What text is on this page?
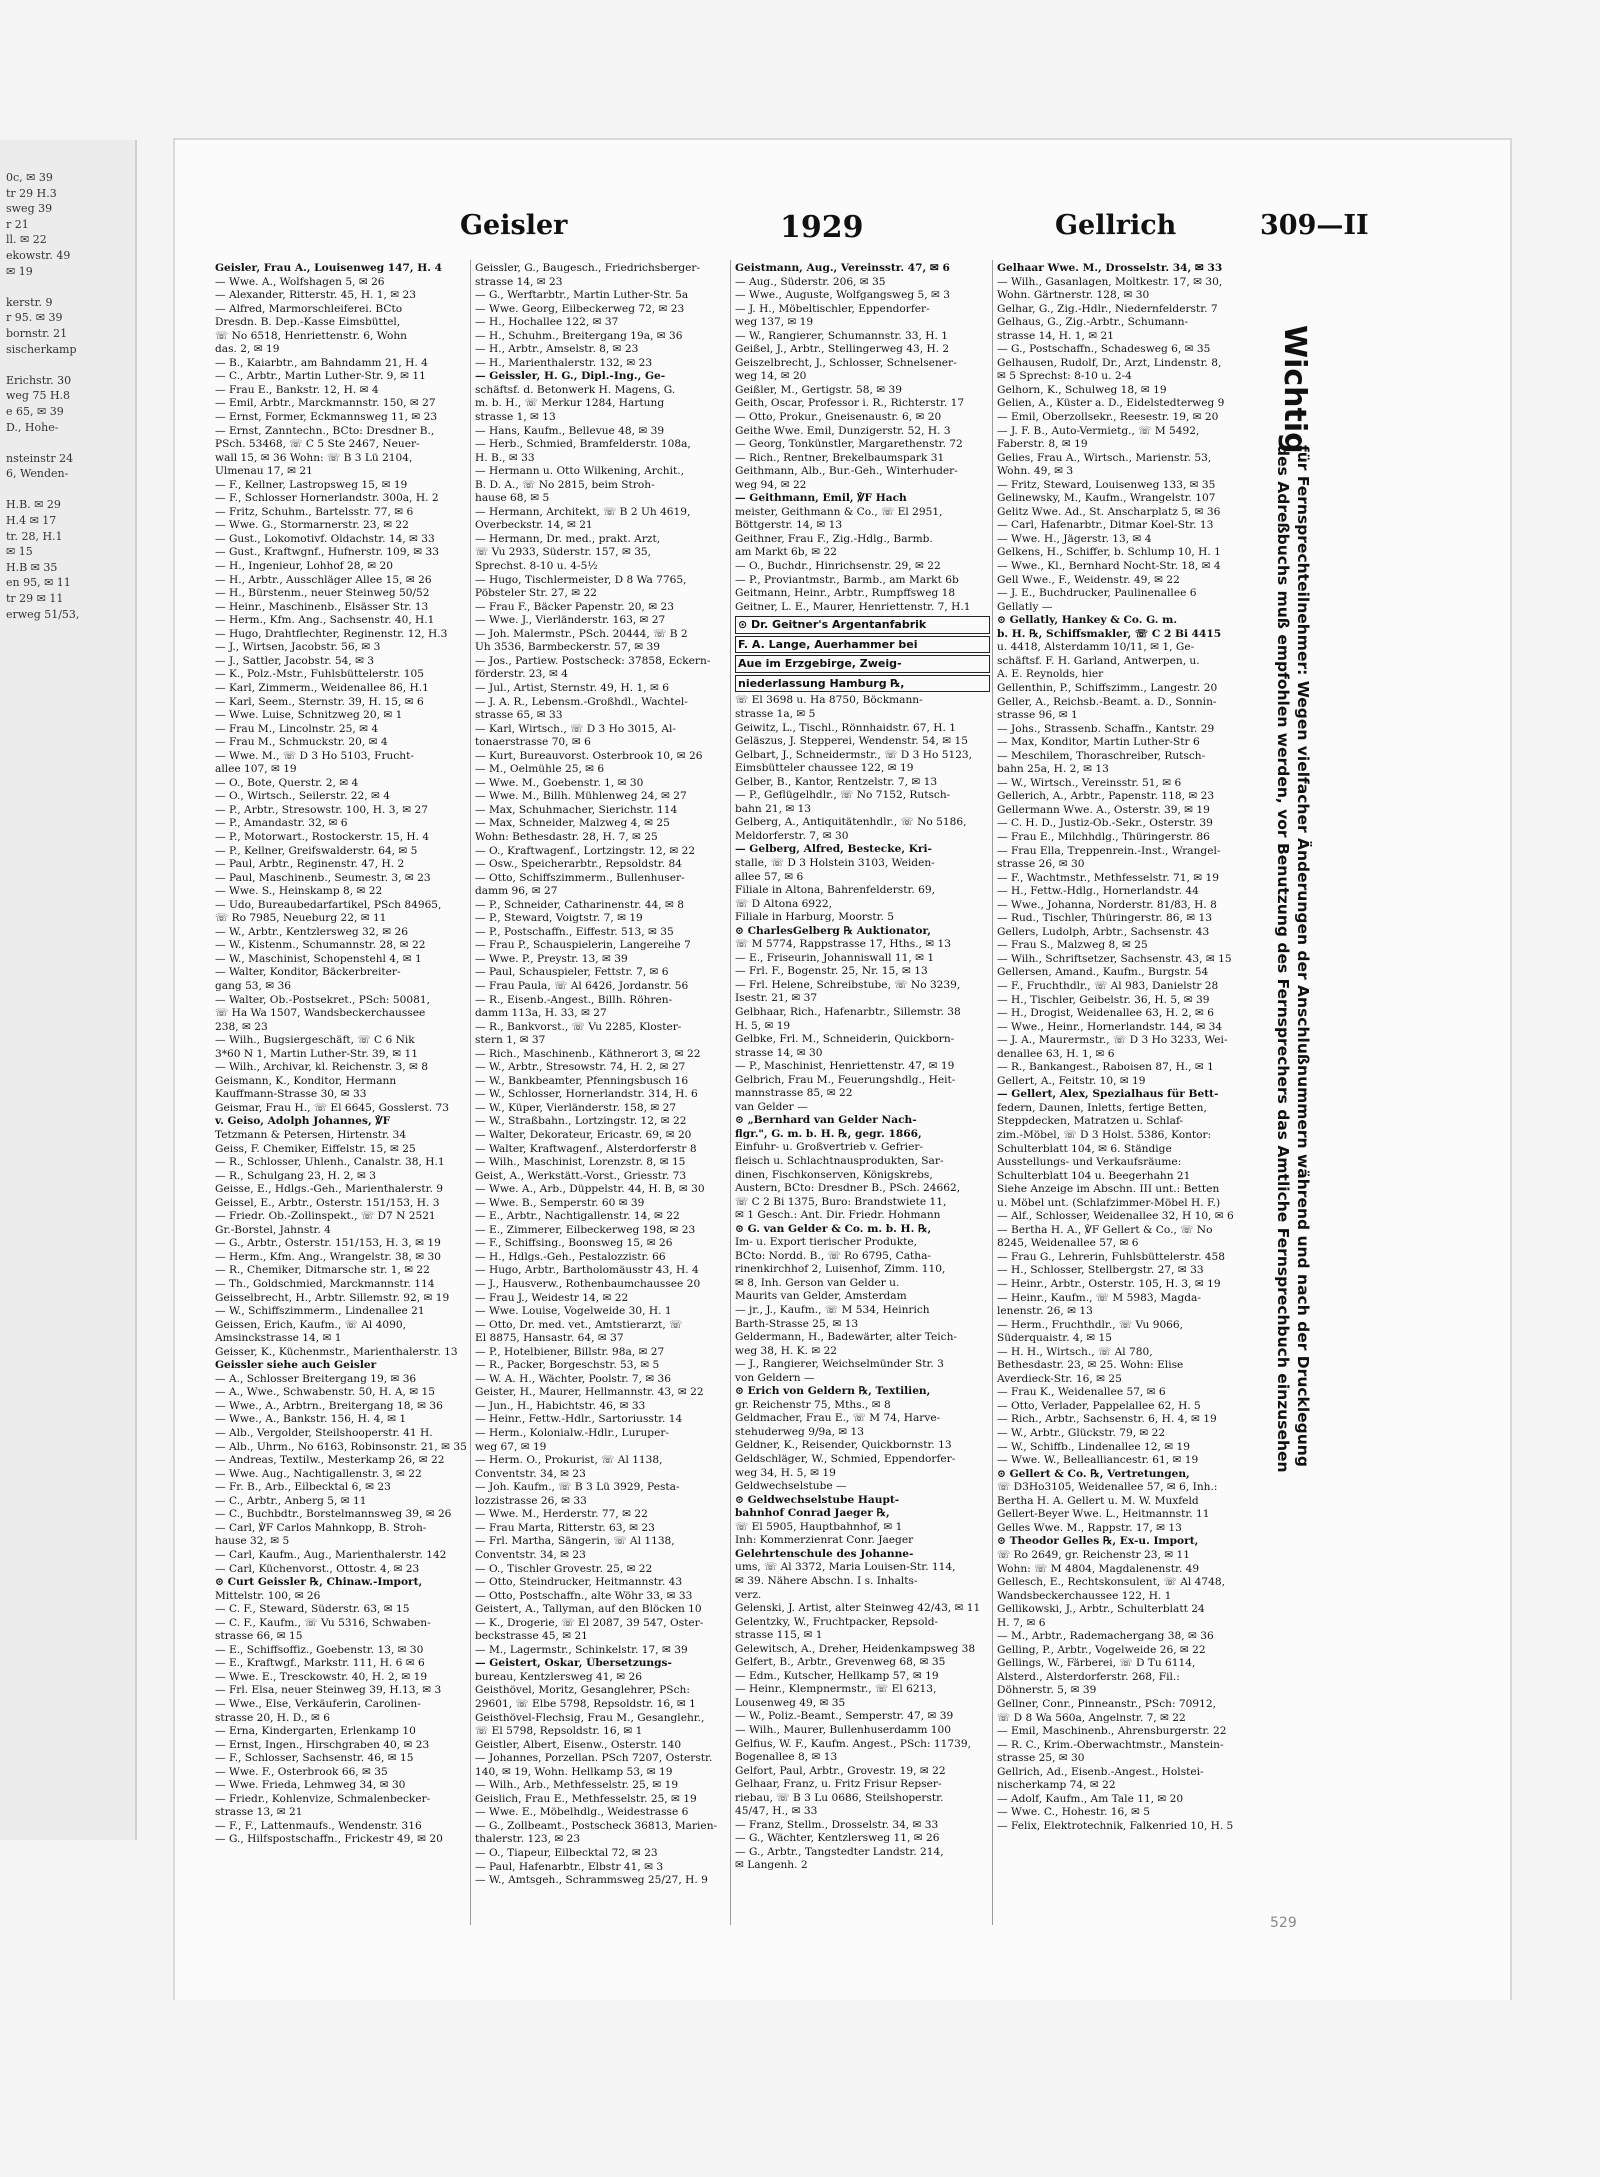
0c, ✉ 39
tr 29 H.3
sweg 39
r 21
ll. ✉ 22
ekowstr. 49
✉ 19

kerstr. 9
r 95. ✉ 39
bornstr. 21
sischerkamp

Erichstr. 30
weg 75 H.8
e 65, ✉ 39
D., Hohe-

nsteinstr 24
6, Wenden-

H.B. ✉ 29
H.4 ✉ 17
tr. 28, H.1
✉ 15
H.B ✉ 35
en 95, ✉ 11
tr 29 ✉ 11
erweg 51/53,
Geisler	1929	Gellrich	309—II
Geisler, Frau A., Louisenweg 147, H. 4
— Wwe. A., Wolfshagen 5, ✉ 26
— Alexander, Ritterstr. 45, H. 1, ✉ 23
— Alfred, Marmorschleiferei. BCto
Dresdn. B. Dep.-Kasse Eimsbüttel,
☏ No 6518, Henriettenstr. 6, Wohn
das. 2, ✉ 19
— B., Kaiarbtr., am Bahndamm 21, H. 4
— C., Arbtr., Martin Luther-Str. 9, ✉ 11
— Frau E., Bankstr. 12, H. ✉ 4
— Emil, Arbtr., Marckmannstr. 150, ✉ 27
— Ernst, Former, Eckmannsweg 11, ✉ 23
— Ernst, Zanntechn., BCto: Dresdner B.,
PSch. 53468, ☏ C 5 Ste 2467, Neuer-
wall 15, ✉ 36 Wohn: ☏ B 3 Lü 2104,
Ulmenau 17, ✉ 21
— F., Kellner, Lastropsweg 15, ✉ 19
— F., Schlosser Hornerlandstr. 300a, H. 2
— Fritz, Schuhm., Bartelsstr. 77, ✉ 6
— Wwe. G., Stormarnerstr. 23, ✉ 22
— Gust., Lokomotivf. Oldachstr. 14, ✉ 33
— Gust., Kraftwgnf., Hufnerstr. 109, ✉ 33
— H., Ingenieur, Lohhof 28, ✉ 20
— H., Arbtr., Ausschläger Allee 15, ✉ 26
— H., Bürstenm., neuer Steinweg 50/52
— Heinr., Maschinenb., Elsässer Str. 13
— Herm., Kfm. Ang., Sachsenstr. 40, H.1
— Hugo, Drahtflechter, Reginenstr. 12, H.3
— J., Wirtsen, Jacobstr. 56, ✉ 3
— J., Sattler, Jacobstr. 54, ✉ 3
— K., Polz.-Mstr., Fuhlsbüttelerstr. 105
— Karl, Zimmerm., Weidenallee 86, H.1
— Karl, Seem., Sternstr. 39, H. 15, ✉ 6
— Wwe. Luise, Schnitzweg 20, ✉ 1
— Frau M., Lincolnstr. 25, ✉ 4
— Frau M., Schmuckstr. 20, ✉ 4
— Wwe. M., ☏ D 3 Ho 5103, Frucht-
allee 107, ✉ 19
— O., Bote, Querstr. 2, ✉ 4
— O., Wirtsch., Seilerstr. 22, ✉ 4
— P., Arbtr., Stresowstr. 100, H. 3, ✉ 27
— P., Amandastr. 32, ✉ 6
— P., Motorwart., Rostockerstr. 15, H. 4
— P., Kellner, Greifswalderstr. 64, ✉ 5
— Paul, Arbtr., Reginenstr. 47, H. 2
— Paul, Maschinenb., Seumestr. 3, ✉ 23
— Wwe. S., Heinskamp 8, ✉ 22
— Udo, Bureaubedarfartikel, PSch 84965,
☏ Ro 7985, Neueburg 22, ✉ 11
— W., Arbtr., Kentzlersweg 32, ✉ 26
— W., Kistenm., Schumannstr. 28, ✉ 22
— W., Maschinist, Schopenstehl 4, ✉ 1
— Walter, Konditor, Bäckerbreiter-
gang 53, ✉ 36
— Walter, Ob.-Postsekret., PSch: 50081,
☏ Ha Wa 1507, Wandsbeckerchaussee
238, ✉ 23
— Wilh., Bugsiergeschäft, ☏ C 6 Nik
3*60 N 1, Martin Luther-Str. 39, ✉ 11
— Wilh., Archivar, kl. Reichenstr. 3, ✉ 8
Geismann, K., Konditor, Hermann
Kauffmann-Strasse 30, ✉ 33
Geismar, Frau H., ☏ El 6645, Gosslerst. 73
v. Geiso, Adolph Johannes, ℣F
Tetzmann & Petersen, Hirtenstr. 34
Geiss, F. Chemiker, Eiffelstr. 15, ✉ 25
— R., Schlosser, Uhlenh., Canalstr. 38, H.1
— R., Schulgang 23, H. 2, ✉ 3
Geisse, E., Hdlgs.-Geh., Marienthalerstr. 9
Geissel, E., Arbtr., Osterstr. 151/153, H. 3
— Friedr. Ob.-Zollinspekt., ☏ D7 N 2521
Gr.-Borstel, Jahnstr. 4
— G., Arbtr., Osterstr. 151/153, H. 3, ✉ 19
— Herm., Kfm. Ang., Wrangelstr. 38, ✉ 30
— R., Chemiker, Ditmarsche str. 1, ✉ 22
— Th., Goldschmied, Marckmannstr. 114
Geisselbrecht, H., Arbtr. Sillemstr. 92, ✉ 19
— W., Schiffszimmerm., Lindenallee 21
Geissen, Erich, Kaufm., ☏ Al 4090,
Amsinckstrasse 14, ✉ 1
Geisser, K., Küchenmstr., Marienthalerstr. 13
Geissler siehe auch Geisler
— A., Schlosser Breitergang 19, ✉ 36
— A., Wwe., Schwabenstr. 50, H. A, ✉ 15
— Wwe., A., Arbtrn., Breitergang 18, ✉ 36
— Wwe., A., Bankstr. 156, H. 4, ✉ 1
— Alb., Vergolder, Steilshooperstr. 41 H.
— Alb., Uhrm., No 6163, Robinsonstr. 21, ✉ 35
— Andreas, Textilw., Mesterkamp 26, ✉ 22
— Wwe. Aug., Nachtigallenstr. 3, ✉ 22
— Fr. B., Arb., Eilbecktal 6, ✉ 23
— C., Arbtr., Anberg 5, ✉ 11
— C., Buchbdtr., Borstelmannsweg 39, ✉ 26
— Carl, ℣F Carlos Mahnkopp, B. Stroh-
hause 32, ✉ 5
— Carl, Kaufm., Aug., Marienthalerstr. 142
— Carl, Küchenvorst., Ottostr. 4, ✉ 23
⊙ Curt Geissler ℞, Chinaw.-Import,
Mittelstr. 100, ✉ 26
— C. F., Steward, Süderstr. 63, ✉ 15
— C. F., Kaufm., ☏ Vu 5316, Schwaben-
strasse 66, ✉ 15
— E., Schiffsoffiz., Goebenstr. 13, ✉ 30
— E., Kraftwgf., Markstr. 111, H. 6 ✉ 6
— Wwe. E., Tresckowstr. 40, H. 2, ✉ 19
— Frl. Elsa, neuer Steinweg 39, H.13, ✉ 3
— Wwe., Else, Verkäuferin, Carolinen-
strasse 20, H. D., ✉ 6
— Erna, Kindergarten, Erlenkamp 10
— Ernst, Ingen., Hirschgraben 40, ✉ 23
— F., Schlosser, Sachsenstr. 46, ✉ 15
— Wwe. F., Osterbrook 66, ✉ 35
— Wwe. Frieda, Lehmweg 34, ✉ 30
— Friedr., Kohlenvize, Schmalenbecker-
strasse 13, ✉ 21
— F., F., Lattenmaufs., Wendenstr. 316
— G., Hilfspostschaffn., Frickestr 49, ✉ 20
Geissler, G., Baugesch., Friedrichsberger-
strasse 14, ✉ 23
— G., Werftarbtr., Martin Luther-Str. 5a
— Wwe. Georg, Eilbeckerweg 72, ✉ 23
— H., Hochallee 122, ✉ 37
— H., Schuhm., Breitergang 19a, ✉ 36
— H., Arbtr., Amselstr. 8, ✉ 23
— H., Marienthalerstr. 132, ✉ 23
— Geissler, H. G., Dipl.-Ing., Ge-
schäftsf. d. Betonwerk H. Magens, G.
m. b. H., ☏ Merkur 1284, Hartung
strasse 1, ✉ 13
— Hans, Kaufm., Bellevue 48, ✉ 39
— Herb., Schmied, Bramfelderstr. 108a,
H. B., ✉ 33
— Hermann u. Otto Wilkening, Archit.,
B. D. A., ☏ No 2815, beim Stroh-
hause 68, ✉ 5
— Hermann, Architekt, ☏ B 2 Uh 4619,
Overbeckstr. 14, ✉ 21
— Hermann, Dr. med., prakt. Arzt,
☏ Vu 2933, Süderstr. 157, ✉ 35,
Sprechst. 8-10 u. 4-5½
— Hugo, Tischlermeister, D 8 Wa 7765,
Pöbsteler Str. 27, ✉ 22
— Frau F., Bäcker Papenstr. 20, ✉ 23
— Wwe. J., Vierländerstr. 163, ✉ 27
— Joh. Malermstr., PSch. 20444, ☏ B 2
Uh 3536, Barmbeckerstr. 57, ✉ 39
— Jos., Partiew. Postscheck: 37858, Eckern-
förderstr. 23, ✉ 4
— Jul., Artist, Sternstr. 49, H. 1, ✉ 6
— J. A. R., Lebensm.-Großhdl., Wachtel-
strasse 65, ✉ 33
— Karl, Wirtsch., ☏ D 3 Ho 3015, Al-
tonaerstrasse 70, ✉ 6
— Kurt, Bureauvorst. Osterbrook 10, ✉ 26
— M., Oelmühle 25, ✉ 6
— Wwe. M., Goebenstr. 1, ✉ 30
— Wwe. M., Billh. Mühlenweg 24, ✉ 27
— Max, Schuhmacher, Sierichstr. 114
— Max, Schneider, Malzweg 4, ✉ 25
Wohn: Bethesdastr. 28, H. 7, ✉ 25
— O., Kraftwagenf., Lortzingstr. 12, ✉ 22
— Osw., Speicherarbtr., Repsoldstr. 84
— Otto, Schiffszimmerm., Bullenhuser-
damm 96, ✉ 27
— P., Schneider, Catharinenstr. 44, ✉ 8
— P., Steward, Voigtstr. 7, ✉ 19
— P., Postschaffn., Eiffestr. 513, ✉ 35
— Frau P., Schauspielerin, Langereihe 7
— Wwe. P., Preystr. 13, ✉ 39
— Paul, Schauspieler, Fettstr. 7, ✉ 6
— Frau Paula, ☏ Al 6426, Jordanstr. 56
— R., Eisenb.-Angest., Billh. Röhren-
damm 113a, H. 33, ✉ 27
— R., Bankvorst., ☏ Vu 2285, Kloster-
stern 1, ✉ 37
— Rich., Maschinenb., Käthnerort 3, ✉ 22
— W., Arbtr., Stresowstr. 74, H. 2, ✉ 27
— W., Bankbeamter, Pfenningsbusch 16
— W., Schlosser, Hornerlandstr. 314, H. 6
— W., Küper, Vierländerstr. 158, ✉ 27
— W., Straßbahn., Lortzingstr. 12, ✉ 22
— Walter, Dekorateur, Ericastr. 69, ✉ 20
— Walter, Kraftwagenf., Alsterdorferstr 8
— Wilh., Maschinist, Lorenzstr. 8, ✉ 15
Geist, A., Werkstätt.-Vorst., Griesstr. 73
— Wwe. A., Arb., Düppelstr. 44, H. B, ✉ 30
— Wwe. B., Semperstr. 60 ✉ 39
— E., Arbtr., Nachtigallenstr. 14, ✉ 22
— E., Zimmerer, Eilbeckerweg 198, ✉ 23
— F., Schiffsing., Boonsweg 15, ✉ 26
— H., Hdlgs.-Geh., Pestalozzistr. 66
— Hugo, Arbtr., Bartholomäusstr 43, H. 4
— J., Hausverw., Rothenbaumchaussee 20
— Frau J., Weidestr 14, ✉ 22
— Wwe. Louise, Vogelweide 30, H. 1
— Otto, Dr. med. vet., Amtstierarzt, ☏
El 8875, Hansastr. 64, ✉ 37
— P., Hotelbiener, Billstr. 98a, ✉ 27
— R., Packer, Borgeschstr. 53, ✉ 5
— W. A. H., Wächter, Poolstr. 7, ✉ 36
Geister, H., Maurer, Hellmannstr. 43, ✉ 22
— Jun., H., Habichtstr. 46, ✉ 33
— Heinr., Fettw.-Hdlr., Sartoriusstr. 14
— Herm., Kolonialw.-Hdlr., Luruper-
weg 67, ✉ 19
— Herm. O., Prokurist, ☏ Al 1138,
Conventstr. 34, ✉ 23
— Joh. Kaufm., ☏ B 3 Lü 3929, Pesta-
lozzistrasse 26, ✉ 33
— Wwe. M., Herderstr. 77, ✉ 22
— Frau Marta, Ritterstr. 63, ✉ 23
— Frl. Martha, Sängerin, ☏ Al 1138,
Conventstr. 34, ✉ 23
— O., Tischler Grovestr. 25, ✉ 22
— Otto, Steindrucker, Heitmannstr. 43
— Otto, Postschaffn., alte Wöhr 33, ✉ 33
Geistert, A., Tallyman, auf den Blöcken 10
— K., Drogerie, ☏ El 2087, 39 547, Oster-
beckstrasse 45, ✉ 21
— M., Lagermstr., Schinkelstr. 17, ✉ 39
— Geistert, Oskar, Übersetzungs-
bureau, Kentzlersweg 41, ✉ 26
Geisthövel, Moritz, Gesanglehrer, PSch:
29601, ☏ Elbe 5798, Repsoldstr. 16, ✉ 1
Geisthövel-Flechsig, Frau M., Gesanglehr.,
☏ El 5798, Repsoldstr. 16, ✉ 1
Geistler, Albert, Eisenw., Osterstr. 140
— Johannes, Porzellan. PSch 7207, Osterstr.
140, ✉ 19, Wohn. Hellkamp 53, ✉ 19
— Wilh., Arb., Methfesselstr. 25, ✉ 19
Geislich, Frau E., Methfesselstr. 25, ✉ 19
— Wwe. E., Möbelhdlg., Weidestrasse 6
— G., Zollbeamt., Postscheck 36813, Marien-
thalerstr. 123, ✉ 23
— O., Tiapeur, Eilbecktal 72, ✉ 23
— Paul, Hafenarbtr., Elbstr 41, ✉ 3
— W., Amtsgeh., Schrammsweg 25/27, H. 9
Geistmann, Aug., Vereinsstr. 47, ✉ 6
— Aug., Süderstr. 206, ✉ 35
— Wwe., Auguste, Wolfgangsweg 5, ✉ 3
— J. H., Möbeltischler, Eppendorfer-
weg 137, ✉ 19
— W., Rangierer, Schumannstr. 33, H. 1
Geißel, J., Arbtr., Stellingerweg 43, H. 2
Geiszelbrecht, J., Schlosser, Schnelsener-
weg 14, ✉ 20
Geißler, M., Gertigstr. 58, ✉ 39
Geith, Oscar, Professor i. R., Richterstr. 17
— Otto, Prokur., Gneisenaustr. 6, ✉ 20
Geithe Wwe. Emil, Dunzigerstr. 52, H. 3
— Georg, Tonkünstler, Margarethenstr. 72
— Rich., Rentner, Brekelbaumspark 31
Geithmann, Alb., Bur.-Geh., Winterhuder-
weg 94, ✉ 22
— Geithmann, Emil, ℣F Hach
meister, Geithmann & Co., ☏ El 2951,
Böttgerstr. 14, ✉ 13
Geithner, Frau F., Zig.-Hdlg., Barmb.
am Markt 6b, ✉ 22
— O., Buchdr., Hinrichsenstr. 29, ✉ 22
— P., Proviantmstr., Barmb., am Markt 6b
Geitmann, Heinr., Arbtr., Rumpffsweg 18
Geitner, L. E., Maurer, Henriettenstr. 7, H.1
⊙ Dr. Geitner's Argentanfabrik
F. A. Lange, Auerhammer bei
Aue im Erzgebirge, Zweig-
niederlassung Hamburg ℞,
☏ El 3698 u. Ha 8750, Böckmann-
strasse 1a, ✉ 5
Geiwitz, L., Tischl., Rönnhaidstr. 67, H. 1
Geläszus, J. Stepperei, Wendenstr. 54, ✉ 15
Gelbart, J., Schneidermstr., ☏ D 3 Ho 5123,
Eimsbütteler chaussee 122, ✉ 19
Gelber, B., Kantor, Rentzelstr. 7, ✉ 13
— P., Geflügelhdlr., ☏ No 7152, Rutsch-
bahn 21, ✉ 13
Gelberg, A., Antiquitätenhdlr., ☏ No 5186,
Meldorferstr. 7, ✉ 30
— Gelberg, Alfred, Bestecke, Kri-
stalle, ☏ D 3 Holstein 3103, Weiden-
allee 57, ✉ 6
Filiale in Altona, Bahrenfelderstr. 69,
☏ D Altona 6922,
Filiale in Harburg, Moorstr. 5
⊙ CharlesGelberg ℞ Auktionator,
☏ M 5774, Rappstrasse 17, Hths., ✉ 13
— E., Friseurin, Johanniswall 11, ✉ 1
— Frl. F., Bogenstr. 25, Nr. 15, ✉ 13
— Frl. Helene, Schreibstube, ☏ No 3239,
Isestr. 21, ✉ 37
Gelbhaar, Rich., Hafenarbtr., Sillemstr. 38
H. 5, ✉ 19
Gelbke, Frl. M., Schneiderin, Quickborn-
strasse 14, ✉ 30
— P., Maschinist, Henriettenstr. 47, ✉ 19
Gelbrich, Frau M., Feuerungshdlg., Heit-
mannstrasse 85, ✉ 22
van Gelder —
⊙ „Bernhard van Gelder Nach-
flgr.", G. m. b. H. ℞, gegr. 1866,
Einfuhr- u. Großvertrieb v. Gefrier-
fleisch u. Schlachtnausprodukten, Sar-
dinen, Fischkonserven, Königskrebs,
Austern, BCto: Dresdner B., PSch. 24662,
☏ C 2 Bi 1375, Buro: Brandstwiete 11,
✉ 1 Gesch.: Ant. Dir. Friedr. Hohmann
⊙ G. van Gelder & Co. m. b. H. ℞,
Im- u. Export tierischer Produkte,
BCto: Nordd. B., ☏ Ro 6795, Catha-
rinenkirchhof 2, Luisenhof, Zimm. 110,
✉ 8, Inh. Gerson van Gelder u.
Maurits van Gelder, Amsterdam
— jr., J., Kaufm., ☏ M 534, Heinrich
Barth-Strasse 25, ✉ 13
Geldermann, H., Badewärter, alter Teich-
weg 38, H. K. ✉ 22
— J., Rangierer, Weichselmünder Str. 3
von Geldern —
⊙ Erich von Geldern ℞, Textilien,
gr. Reichenstr 75, Mths., ✉ 8
Geldmacher, Frau E., ☏ M 74, Harve-
stehuderweg 9/9a, ✉ 13
Geldner, K., Reisender, Quickbornstr. 13
Geldschläger, W., Schmied, Eppendorfer-
weg 34, H. 5, ✉ 19
Geldwechselstube —
⊙ Geldwechselstube Haupt-
bahnhof Conrad Jaeger ℞,
☏ El 5905, Hauptbahnhof, ✉ 1
Inh: Kommerzienrat Conr. Jaeger
Gelehrtenschule des Johanne-
ums, ☏ Al 3372, Maria Louisen-Str. 114,
✉ 39. Nähere Abschn. I s. Inhalts-
verz.
Gelenski, J. Artist, alter Steinweg 42/43, ✉ 11
Gelentzky, W., Fruchtpacker, Repsold-
strasse 115, ✉ 1
Gelewitsch, A., Dreher, Heidenkampsweg 38
Gelfert, B., Arbtr., Grevenweg 68, ✉ 35
— Edm., Kutscher, Hellkamp 57, ✉ 19
— Heinr., Klempnermstr., ☏ El 6213,
Lousenweg 49, ✉ 35
— W., Poliz.-Beamt., Semperstr. 47, ✉ 39
— Wilh., Maurer, Bullenhuserdamm 100
Gelfius, W. F., Kaufm. Angest., PSch: 11739,
Bogenallee 8, ✉ 13
Gelfort, Paul, Arbtr., Grovestr. 19, ✉ 22
Gelhaar, Franz, u. Fritz Frisur Repser-
riebau, ☏ B 3 Lu 0686, Steilshoperstr.
45/47, H., ✉ 33
— Franz, Stellm., Drosselstr. 34, ✉ 33
— G., Wächter, Kentzlersweg 11, ✉ 26
— G., Arbtr., Tangstedter Landstr. 214,
✉ Langenh. 2
Gelhaar Wwe. M., Drosselstr. 34, ✉ 33
— Wilh., Gasanlagen, Moltkestr. 17, ✉ 30,
Wohn. Gärtnerstr. 128, ✉ 30
Gelhar, G., Zig.-Hdlr., Niedernfelderstr. 7
Gelhaus, G., Zig.-Arbtr., Schumann-
strasse 14, H. 1, ✉ 21
— G., Postschaffn., Schadesweg 6, ✉ 35
Gelhausen, Rudolf, Dr., Arzt, Lindenstr. 8,
✉ 5 Sprechst: 8-10 u. 2-4
Gelhorn, K., Schulweg 18, ✉ 19
Gelien, A., Küster a. D., Eidelstedterweg 9
— Emil, Oberzollsekr., Reesestr. 19, ✉ 20
— J. F. B., Auto-Vermietg., ☏ M 5492,
Faberstr. 8, ✉ 19
Gelies, Frau A., Wirtsch., Marienstr. 53,
Wohn. 49, ✉ 3
— Fritz, Steward, Louisenweg 133, ✉ 35
Gelinewsky, M., Kaufm., Wrangelstr. 107
Gelitz Wwe. Ad., St. Anscharplatz 5, ✉ 36
— Carl, Hafenarbtr., Ditmar Koel-Str. 13
— Wwe. H., Jägerstr. 13, ✉ 4
Gelkens, H., Schiffer, b. Schlump 10, H. 1
— Wwe., Kl., Bernhard Nocht-Str. 18, ✉ 4
Gell Wwe., F., Weidenstr. 49, ✉ 22
— J. E., Buchdrucker, Paulinenallee 6
Gellatly —
⊙ Gellatly, Hankey & Co. G. m.
b. H. ℞, Schiffsmakler, ☏ C 2 Bi 4415
u. 4418, Alsterdamm 10/11, ✉ 1, Ge-
schäftsf. F. H. Garland, Antwerpen, u.
A. E. Reynolds, hier
Gellenthin, P., Schiffszimm., Langestr. 20
Geller, A., Reichsb.-Beamt. a. D., Sonnin-
strasse 96, ✉ 1
— Johs., Strassenb. Schaffn., Kantstr. 29
— Max, Konditor, Martin Luther-Str 6
— Meschilem, Thoraschreiber, Rutsch-
bahn 25a, H. 2, ✉ 13
— W., Wirtsch., Vereinsstr. 51, ✉ 6
Gellerich, A., Arbtr., Papenstr. 118, ✉ 23
Gellermann Wwe. A., Osterstr. 39, ✉ 19
— C. H. D., Justiz-Ob.-Sekr., Osterstr. 39
— Frau E., Milchhdlg., Thüringerstr. 86
— Frau Ella, Treppenrein.-Inst., Wrangel-
strasse 26, ✉ 30
— F., Wachtmstr., Methfesselstr. 71, ✉ 19
— H., Fettw.-Hdlg., Hornerlandstr. 44
— Wwe., Johanna, Norderstr. 81/83, H. 8
— Rud., Tischler, Thüringerstr. 86, ✉ 13
Gellers, Ludolph, Arbtr., Sachsenstr. 43
— Frau S., Malzweg 8, ✉ 25
— Wilh., Schriftsetzer, Sachsenstr. 43, ✉ 15
Gellersen, Amand., Kaufm., Burgstr. 54
— F., Fruchthdlr., ☏ Al 983, Danielstr 28
— H., Tischler, Geibelstr. 36, H. 5, ✉ 39
— H., Drogist, Weidenallee 63, H. 2, ✉ 6
— Wwe., Heinr., Hornerlandstr. 144, ✉ 34
— J. A., Maurermstr., ☏ D 3 Ho 3233, Wei-
denallee 63, H. 1, ✉ 6
— R., Bankangest., Raboisen 87, H., ✉ 1
Gellert, A., Feitstr. 10, ✉ 19
— Gellert, Alex, Spezialhaus für Bett-
federn, Daunen, Inletts, fertige Betten,
Steppdecken, Matratzen u. Schlaf-
zim.-Möbel, ☏ D 3 Holst. 5386, Kontor:
Schulterblatt 104, ✉ 6. Ständige
Ausstellungs- und Verkaufsräume:
Schulterblatt 104 u. Beegerhahn 21
Siehe Anzeige im Abschn. III unt.: Betten
u. Möbel unt. (Schlafzimmer-Möbel H. F.)
— Alf., Schlosser, Weidenallee 32, H 10, ✉ 6
— Bertha H. A., ℣F Gellert & Co., ☏ No
8245, Weidenallee 57, ✉ 6
— Frau G., Lehrerin, Fuhlsbüttelerstr. 458
— H., Schlosser, Stellbergstr. 27, ✉ 33
— Heinr., Arbtr., Osterstr. 105, H. 3, ✉ 19
— Heinr., Kaufm., ☏ M 5983, Magda-
lenenstr. 26, ✉ 13
— Herm., Fruchthdlr., ☏ Vu 9066,
Süderquaistr. 4, ✉ 15
— H. H., Wirtsch., ☏ Al 780,
Bethesdastr. 23, ✉ 25. Wohn: Elise
Averdieck-Str. 16, ✉ 25
— Frau K., Weidenallee 57, ✉ 6
— Otto, Verlader, Pappelallee 62, H. 5
— Rich., Arbtr., Sachsenstr. 6, H. 4, ✉ 19
— W., Arbtr., Glückstr. 79, ✉ 22
— W., Schiffb., Lindenallee 12, ✉ 19
— Wwe. W., Bellealliancestr. 61, ✉ 19
⊙ Gellert & Co. ℞, Vertretungen,
☏ D3Ho3105, Weidenallee 57, ✉ 6, Inh.:
Bertha H. A. Gellert u. M. W. Muxfeld
Gellert-Beyer Wwe. L., Heitmannstr. 11
Gelles Wwe. M., Rappstr. 17, ✉ 13
⊙ Theodor Gelles ℞, Ex-u. Import,
☏ Ro 2649, gr. Reichenstr 23, ✉ 11
Wohn: ☏ M 4804, Magdalenenstr. 49
Gellesch, E., Rechtskonsulent, ☏ Al 4748,
Wandsbeckerchaussee 122, H. 1
Gellikowski, J., Arbtr., Schulterblatt 24
H. 7, ✉ 6
— M., Arbtr., Rademachergang 38, ✉ 36
Gelling, P., Arbtr., Vogelweide 26, ✉ 22
Gellings, W., Färberei, ☏ D Tu 6114,
Alsterd., Alsterdorferstr. 268, Fil.:
Döhnerstr. 5, ✉ 39
Gellner, Conr., Pinneanstr., PSch: 70912,
☏ D 8 Wa 560a, Angelnstr. 7, ✉ 22
— Emil, Maschinenb., Ahrensburgerstr. 22
— R. C., Krim.-Oberwachtmstr., Manstein-
strasse 25, ✉ 30
Gellrich, Ad., Eisenb.-Angest., Holstei-
nischerkamp 74, ✉ 22
— Adolf, Kaufm., Am Tale 11, ✉ 20
— Wwe. C., Hohestr. 16, ✉ 5
— Felix, Elektrotechnik, Falkenried 10, H. 5
Wichtig
für Fernsprechteilnehmer: Wegen vielfacher Änderungen der Anschlußnummern während und nach der Drucklegung
des Adreßbuchs muß empfohlen werden, vor Benutzung des Fernsprechers das Amtliche Fernsprechbuch einzusehen
529
